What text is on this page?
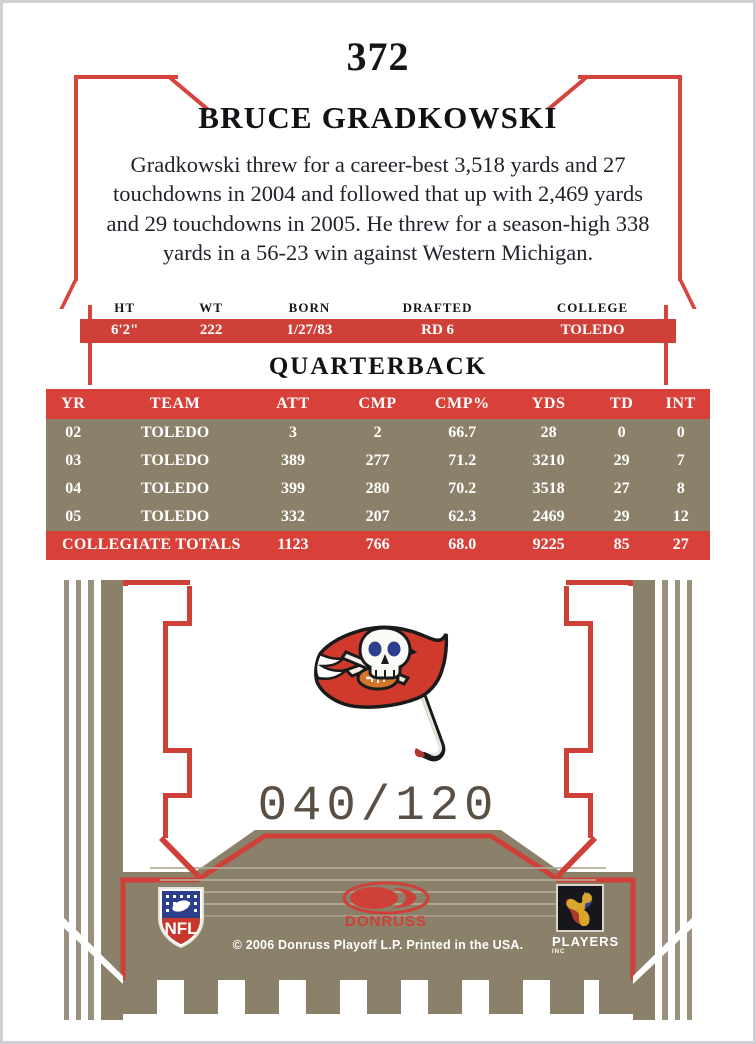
372
BRUCE GRADKOWSKI
Gradkowski threw for a career-best 3,518 yards and 27 touchdowns in 2004 and followed that up with 2,469 yards and 29 touchdowns in 2005. He threw for a season-high 338 yards in a 56-23 win against Western Michigan.
HT	WT	BORN	DRAFTED	COLLEGE
6'2"	222	1/27/83	RD 6	TOLEDO
QUARTERBACK
YR	TEAM	ATT	CMP	CMP%	YDS	TD	INT
02	TOLEDO	3	2	66.7	28	0	0
03	TOLEDO	389	277	71.2	3210	29	7
04	TOLEDO	399	280	70.2	3518	27	8
05	TOLEDO	332	207	62.3	2469	29	12
COLLEGIATE TOTALS		1123	766	68.0	9225	85	27
040/120
NFL	DONRUSS
© 2006 Donruss Playoff L.P. Printed in the USA.	PLAYERSINC
